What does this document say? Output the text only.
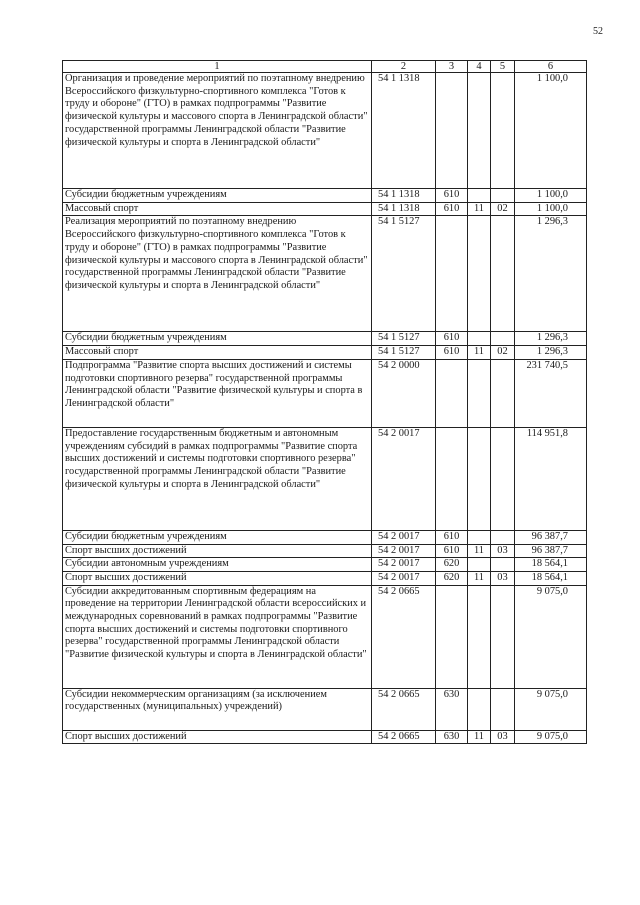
52
1	2	3	4	5	6
Организация и проведение мероприятий по поэтапному внедрению Всероссийского физкультурно-спортивного комплекса "Готов к труду и обороне" (ГТО) в рамках подпрограммы "Развитие физической культуры и массового спорта в Ленинградской области" государственной программы Ленинградской области "Развитие физической культуры и спорта в Ленинградской области"	54 1 1318				1 100,0
Субсидии бюджетным учреждениям	54 1 1318	610			1 100,0
Массовый спорт	54 1 1318	610	11	02	1 100,0
Реализация мероприятий по поэтапному внедрению Всероссийского физкультурно-спортивного комплекса "Готов к труду и обороне" (ГТО) в рамках подпрограммы "Развитие физической культуры и массового спорта в Ленинградской области" государственной программы Ленинградской области "Развитие физической культуры и спорта в Ленинградской области"	54 1 5127				1 296,3
Субсидии бюджетным учреждениям	54 1 5127	610			1 296,3
Массовый спорт	54 1 5127	610	11	02	1 296,3
Подпрограмма "Развитие спорта высших достижений и системы подготовки спортивного резерва" государственной программы Ленинградской области "Развитие физической культуры и спорта в Ленинградской области"	54 2 0000				231 740,5
Предоставление государственным бюджетным и автономным учреждениям субсидий в рамках подпрограммы "Развитие спорта высших достижений и системы подготовки спортивного резерва" государственной программы Ленинградской области "Развитие физической культуры и спорта в Ленинградской области"	54 2 0017				114 951,8
Субсидии бюджетным учреждениям	54 2 0017	610			96 387,7
Спорт высших достижений	54 2 0017	610	11	03	96 387,7
Субсидии автономным учреждениям	54 2 0017	620			18 564,1
Спорт высших достижений	54 2 0017	620	11	03	18 564,1
Субсидии аккредитованным спортивным федерациям на проведение на территории Ленинградской области всероссийских и международных соревнований в рамках подпрограммы "Развитие спорта высших достижений и системы подготовки спортивного резерва" государственной программы Ленинградской области "Развитие физической культуры и спорта в Ленинградской области"	54 2 0665				9 075,0
Субсидии некоммерческим организациям (за исключением государственных (муниципальных) учреждений)	54 2 0665	630			9 075,0
Спорт высших достижений	54 2 0665	630	11	03	9 075,0
